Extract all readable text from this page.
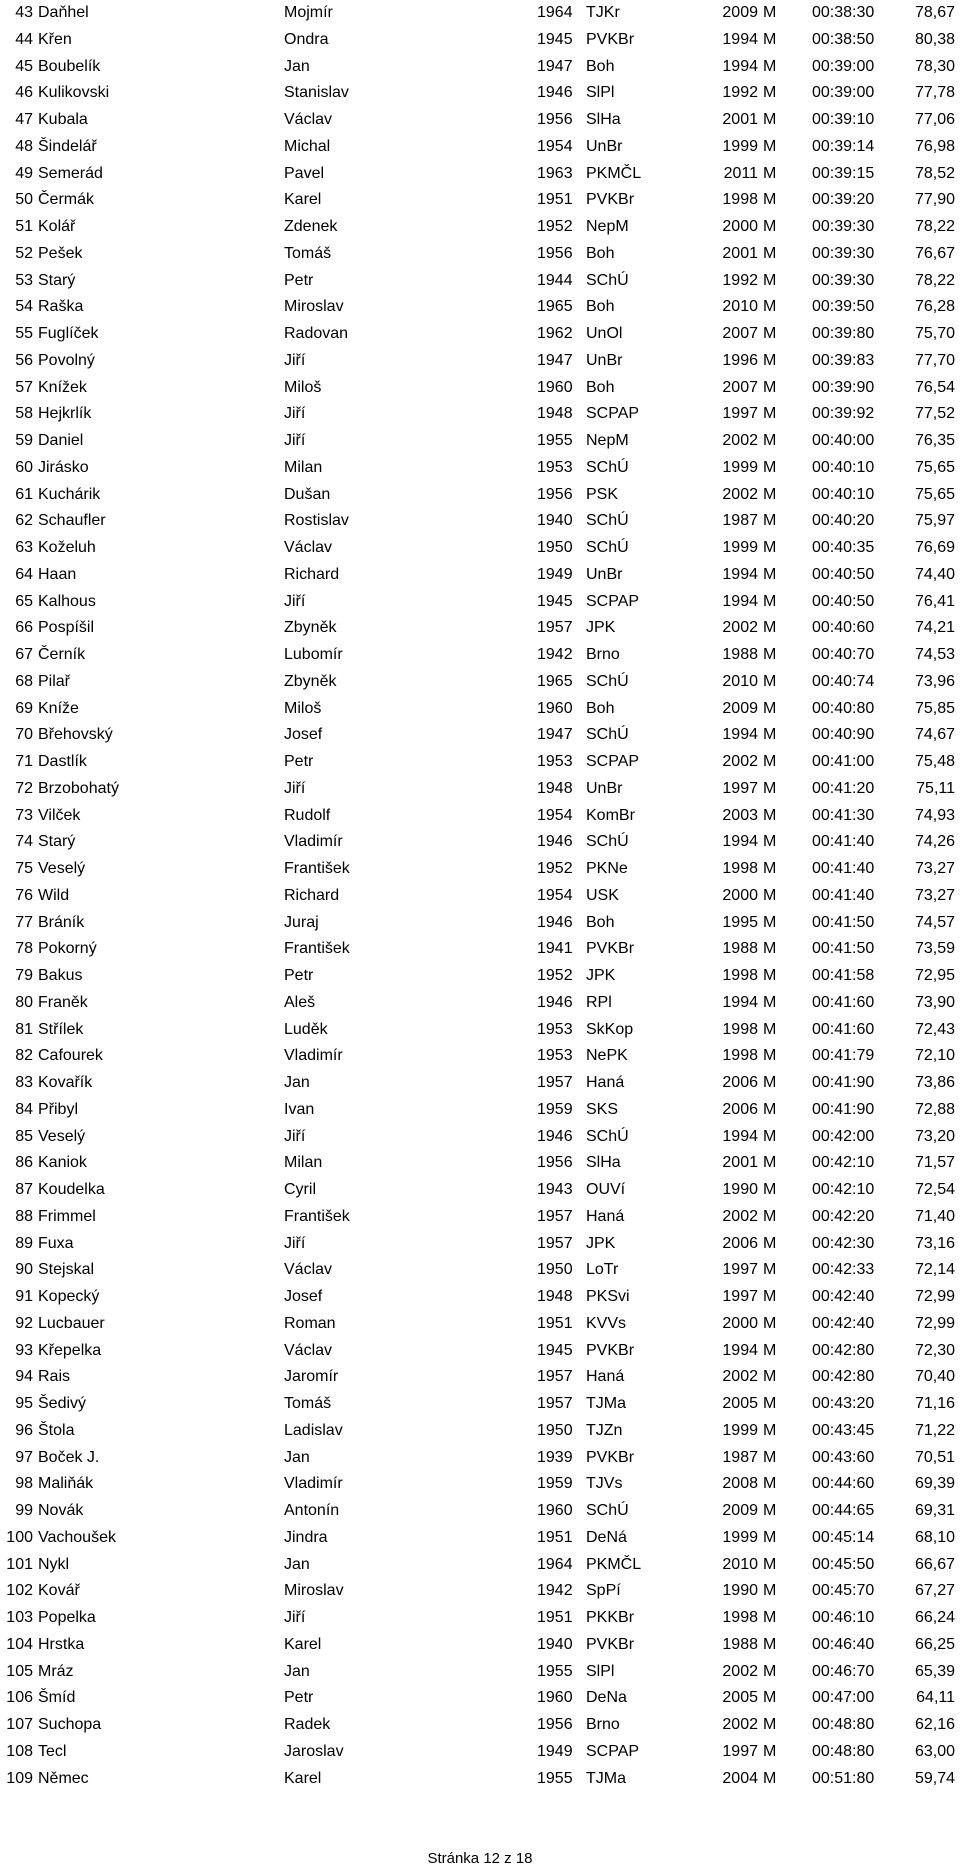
43 Daňhel	Mojmír	1964 TJKr	2009 M 00:38:30	78,67
44 Křen	Ondra	1945 PVKBr	1994 M 00:38:50	80,38
45 Boubelík	Jan	1947 Boh	1994 M 00:39:00	78,30
46 Kulikovski	Stanislav	1946 SlPl	1992 M 00:39:00	77,78
47 Kubala	Václav	1956 SlHa	2001 M 00:39:10	77,06
48 Šindelář	Michal	1954 UnBr	1999 M 00:39:14	76,98
49 Semerád	Pavel	1963 PKMČL	2011 M 00:39:15	78,52
50 Čermák	Karel	1951 PVKBr	1998 M 00:39:20	77,90
51 Kolář	Zdenek	1952 NepM	2000 M 00:39:30	78,22
52 Pešek	Tomáš	1956 Boh	2001 M 00:39:30	76,67
53 Starý	Petr	1944 SChÚ	1992 M 00:39:30	78,22
54 Raška	Miroslav	1965 Boh	2010 M 00:39:50	76,28
55 Fuglíček	Radovan	1962 UnOl	2007 M 00:39:80	75,70
56 Povolný	Jiří	1947 UnBr	1996 M 00:39:83	77,70
57 Knížek	Miloš	1960 Boh	2007 M 00:39:90	76,54
58 Hejkrlík	Jiří	1948 SCPAP	1997 M 00:39:92	77,52
59 Daniel	Jiří	1955 NepM	2002 M 00:40:00	76,35
60 Jirásko	Milan	1953 SChÚ	1999 M 00:40:10	75,65
61 Kuchárik	Dušan	1956 PSK	2002 M 00:40:10	75,65
62 Schaufler	Rostislav	1940 SChÚ	1987 M 00:40:20	75,97
63 Koželuh	Václav	1950 SChÚ	1999 M 00:40:35	76,69
64 Haan	Richard	1949 UnBr	1994 M 00:40:50	74,40
65 Kalhous	Jiří	1945 SCPAP	1994 M 00:40:50	76,41
66 Pospíšil	Zbyněk	1957 JPK	2002 M 00:40:60	74,21
67 Černík	Lubomír	1942 Brno	1988 M 00:40:70	74,53
68 Pilař	Zbyněk	1965 SChÚ	2010 M 00:40:74	73,96
69 Kníže	Miloš	1960 Boh	2009 M 00:40:80	75,85
70 Břehovský	Josef	1947 SChÚ	1994 M 00:40:90	74,67
71 Dastlík	Petr	1953 SCPAP	2002 M 00:41:00	75,48
72 Brzobohatý	Jiří	1948 UnBr	1997 M 00:41:20	75,11
73 Vilček	Rudolf	1954 KomBr	2003 M 00:41:30	74,93
74 Starý	Vladimír	1946 SChÚ	1994 M 00:41:40	74,26
75 Veselý	František	1952 PKNe	1998 M 00:41:40	73,27
76 Wild	Richard	1954 USK	2000 M 00:41:40	73,27
77 Bráník	Juraj	1946 Boh	1995 M 00:41:50	74,57
78 Pokorný	František	1941 PVKBr	1988 M 00:41:50	73,59
79 Bakus	Petr	1952 JPK	1998 M 00:41:58	72,95
80 Franěk	Aleš	1946 RPl	1994 M 00:41:60	73,90
81 Střílek	Luděk	1953 SkKop	1998 M 00:41:60	72,43
82 Cafourek	Vladimír	1953 NePK	1998 M 00:41:79	72,10
83 Kovařík	Jan	1957 Haná	2006 M 00:41:90	73,86
84 Přibyl	Ivan	1959 SKS	2006 M 00:41:90	72,88
85 Veselý	Jiří	1946 SChÚ	1994 M 00:42:00	73,20
86 Kaniok	Milan	1956 SlHa	2001 M 00:42:10	71,57
87 Koudelka	Cyril	1943 OUVí	1990 M 00:42:10	72,54
88 Frimmel	František	1957 Haná	2002 M 00:42:20	71,40
89 Fuxa	Jiří	1957 JPK	2006 M 00:42:30	73,16
90 Stejskal	Václav	1950 LoTr	1997 M 00:42:33	72,14
91 Kopecký	Josef	1948 PKSvi	1997 M 00:42:40	72,99
92 Lucbauer	Roman	1951 KVVs	2000 M 00:42:40	72,99
93 Křepelka	Václav	1945 PVKBr	1994 M 00:42:80	72,30
94 Rais	Jaromír	1957 Haná	2002 M 00:42:80	70,40
95 Šedivý	Tomáš	1957 TJMa	2005 M 00:43:20	71,16
96 Štola	Ladislav	1950 TJZn	1999 M 00:43:45	71,22
97 Boček J.	Jan	1939 PVKBr	1987 M 00:43:60	70,51
98 Maliňák	Vladimír	1959 TJVs	2008 M 00:44:60	69,39
99 Novák	Antonín	1960 SChÚ	2009 M 00:44:65	69,31
100 Vachoušek	Jindra	1951 DeNá	1999 M 00:45:14	68,10
101 Nykl	Jan	1964 PKMČL	2010 M 00:45:50	66,67
102 Kovář	Miroslav	1942 SpPí	1990 M 00:45:70	67,27
103 Popelka	Jiří	1951 PKKBr	1998 M 00:46:10	66,24
104 Hrstka	Karel	1940 PVKBr	1988 M 00:46:40	66,25
105 Mráz	Jan	1955 SlPl	2002 M 00:46:70	65,39
106 Šmíd	Petr	1960 DeNa	2005 M 00:47:00	64,11
107 Suchopa	Radek	1956 Brno	2002 M 00:48:80	62,16
108 Tecl	Jaroslav	1949 SCPAP	1997 M 00:48:80	63,00
109 Němec	Karel	1955 TJMa	2004 M 00:51:80	59,74
Stránka 12 z 18
